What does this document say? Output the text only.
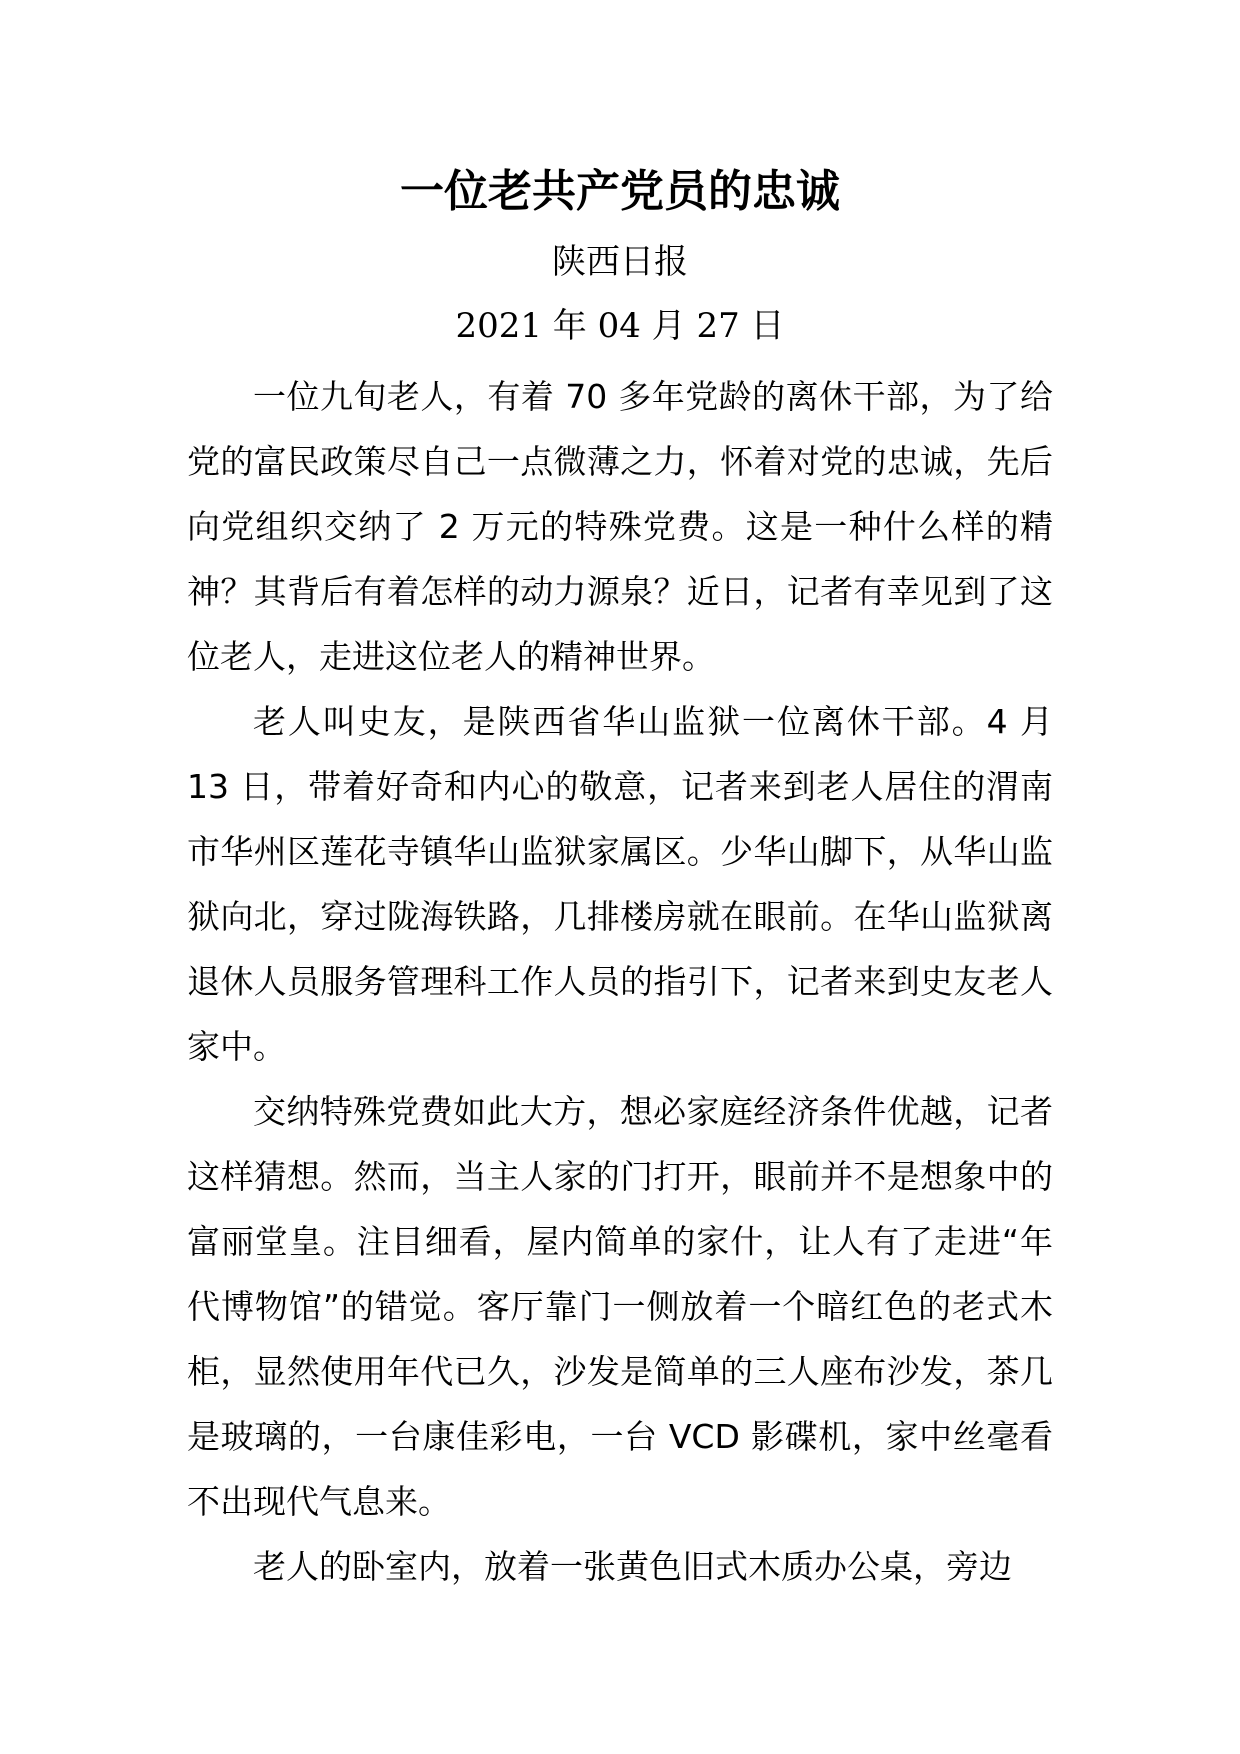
一位老共产党员的忠诚
陕西日报
2021 年 04 月 27 日

一位九旬老人，有着 70 多年党龄的离休干部，为了给党的富民政策尽自己一点微薄之力，怀着对党的忠诚，先后向党组织交纳了 2 万元的特殊党费。这是一种什么样的精神？其背后有着怎样的动力源泉？近日，记者有幸见到了这位老人，走进这位老人的精神世界。

老人叫史友，是陕西省华山监狱一位离休干部。4 月 13 日，带着好奇和内心的敬意，记者来到老人居住的渭南市华州区莲花寺镇华山监狱家属区。少华山脚下，从华山监狱向北，穿过陇海铁路，几排楼房就在眼前。在华山监狱离退休人员服务管理科工作人员的指引下，记者来到史友老人家中。

交纳特殊党费如此大方，想必家庭经济条件优越，记者这样猜想。然而，当主人家的门打开，眼前并不是想象中的富丽堂皇。注目细看，屋内简单的家什，让人有了走进“年代博物馆”的错觉。客厅靠门一侧放着一个暗红色的老式木柜，显然使用年代已久，沙发是简单的三人座布沙发，茶几是玻璃的，一台康佳彩电，一台 VCD 影碟机，家中丝毫看不出现代气息来。

老人的卧室内，放着一张黄色旧式木质办公桌，旁边
